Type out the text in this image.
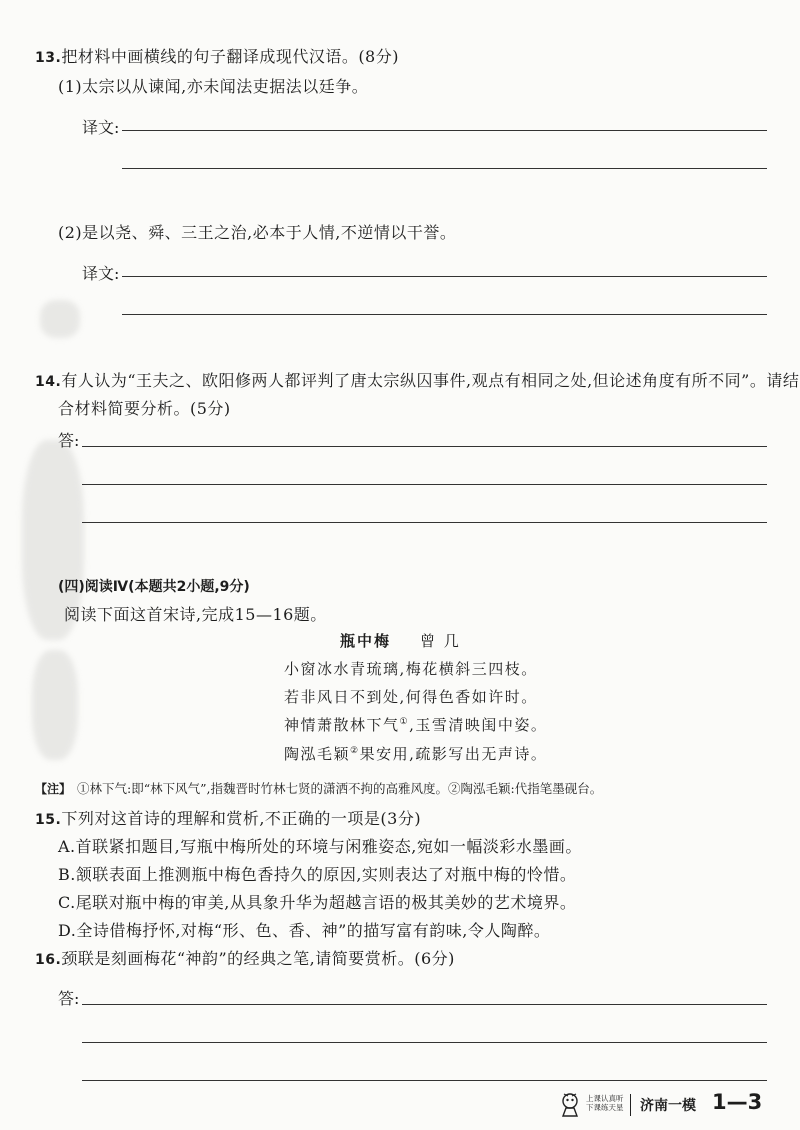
13.把材料中画横线的句子翻译成现代汉语。(8分)
(1)太宗以从谏闻,亦未闻法吏据法以廷争。
译文:
(2)是以尧、舜、三王之治,必本于人情,不逆情以干誉。
译文:
14.有人认为“王夫之、欧阳修两人都评判了唐太宗纵囚事件,观点有相同之处,但论述角度有所不同”。请结
合材料简要分析。(5分)
答:
(四)阅读Ⅳ(本题共2小题,9分)
阅读下面这首宋诗,完成15—16题。
瓶中梅 曾 几
小窗冰水青琉璃,梅花横斜三四枝。
若非风日不到处,何得色香如许时。
神情萧散林下气①,玉雪清映闺中姿。
陶泓毛颖②果安用,疏影写出无声诗。
【注】 ①林下气:即“林下风气”,指魏晋时竹林七贤的潇洒不拘的高雅风度。②陶泓毛颖:代指笔墨砚台。
15.下列对这首诗的理解和赏析,不正确的一项是(3分)
A.首联紧扣题目,写瓶中梅所处的环境与闲雅姿态,宛如一幅淡彩水墨画。
B.颔联表面上推测瓶中梅色香持久的原因,实则表达了对瓶中梅的怜惜。
C.尾联对瓶中梅的审美,从具象升华为超越言语的极其美妙的艺术境界。
D.全诗借梅抒怀,对梅“形、色、香、神”的描写富有韵味,令人陶醉。
16.颈联是刻画梅花“神韵”的经典之笔,请简要赏析。(6分)
答:
上课认真听
下课练天星 济南一模 1—3
